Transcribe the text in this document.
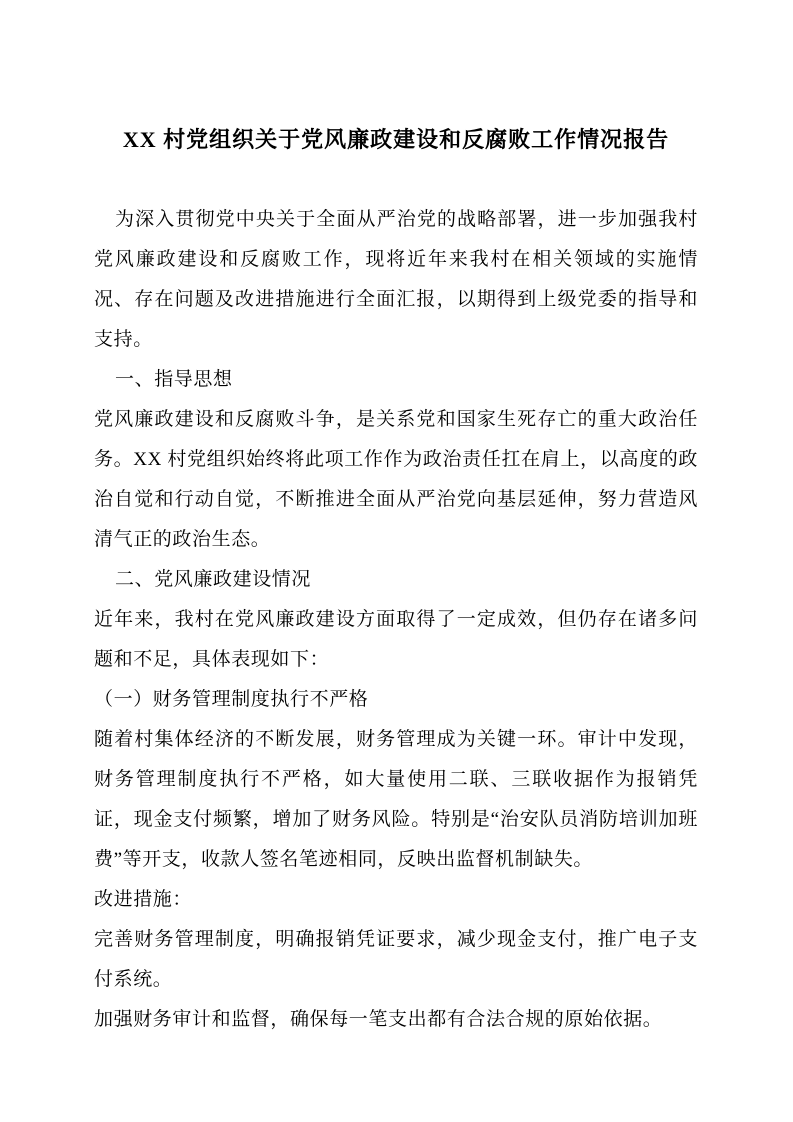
XX 村党组织关于党风廉政建设和反腐败工作情况报告

为深入贯彻党中央关于全面从严治党的战略部署，进一步加强我村党风廉政建设和反腐败工作，现将近年来我村在相关领域的实施情况、存在问题及改进措施进行全面汇报，以期得到上级党委的指导和支持。

一、指导思想

党风廉政建设和反腐败斗争，是关系党和国家生死存亡的重大政治任务。XX 村党组织始终将此项工作作为政治责任扛在肩上，以高度的政治自觉和行动自觉，不断推进全面从严治党向基层延伸，努力营造风清气正的政治生态。

二、党风廉政建设情况

近年来，我村在党风廉政建设方面取得了一定成效，但仍存在诸多问题和不足，具体表现如下：

（一）财务管理制度执行不严格

随着村集体经济的不断发展，财务管理成为关键一环。审计中发现，财务管理制度执行不严格，如大量使用二联、三联收据作为报销凭证，现金支付频繁，增加了财务风险。特别是“治安队员消防培训加班费”等开支，收款人签名笔迹相同，反映出监督机制缺失。

改进措施：

完善财务管理制度，明确报销凭证要求，减少现金支付，推广电子支付系统。

加强财务审计和监督，确保每一笔支出都有合法合规的原始依据。
